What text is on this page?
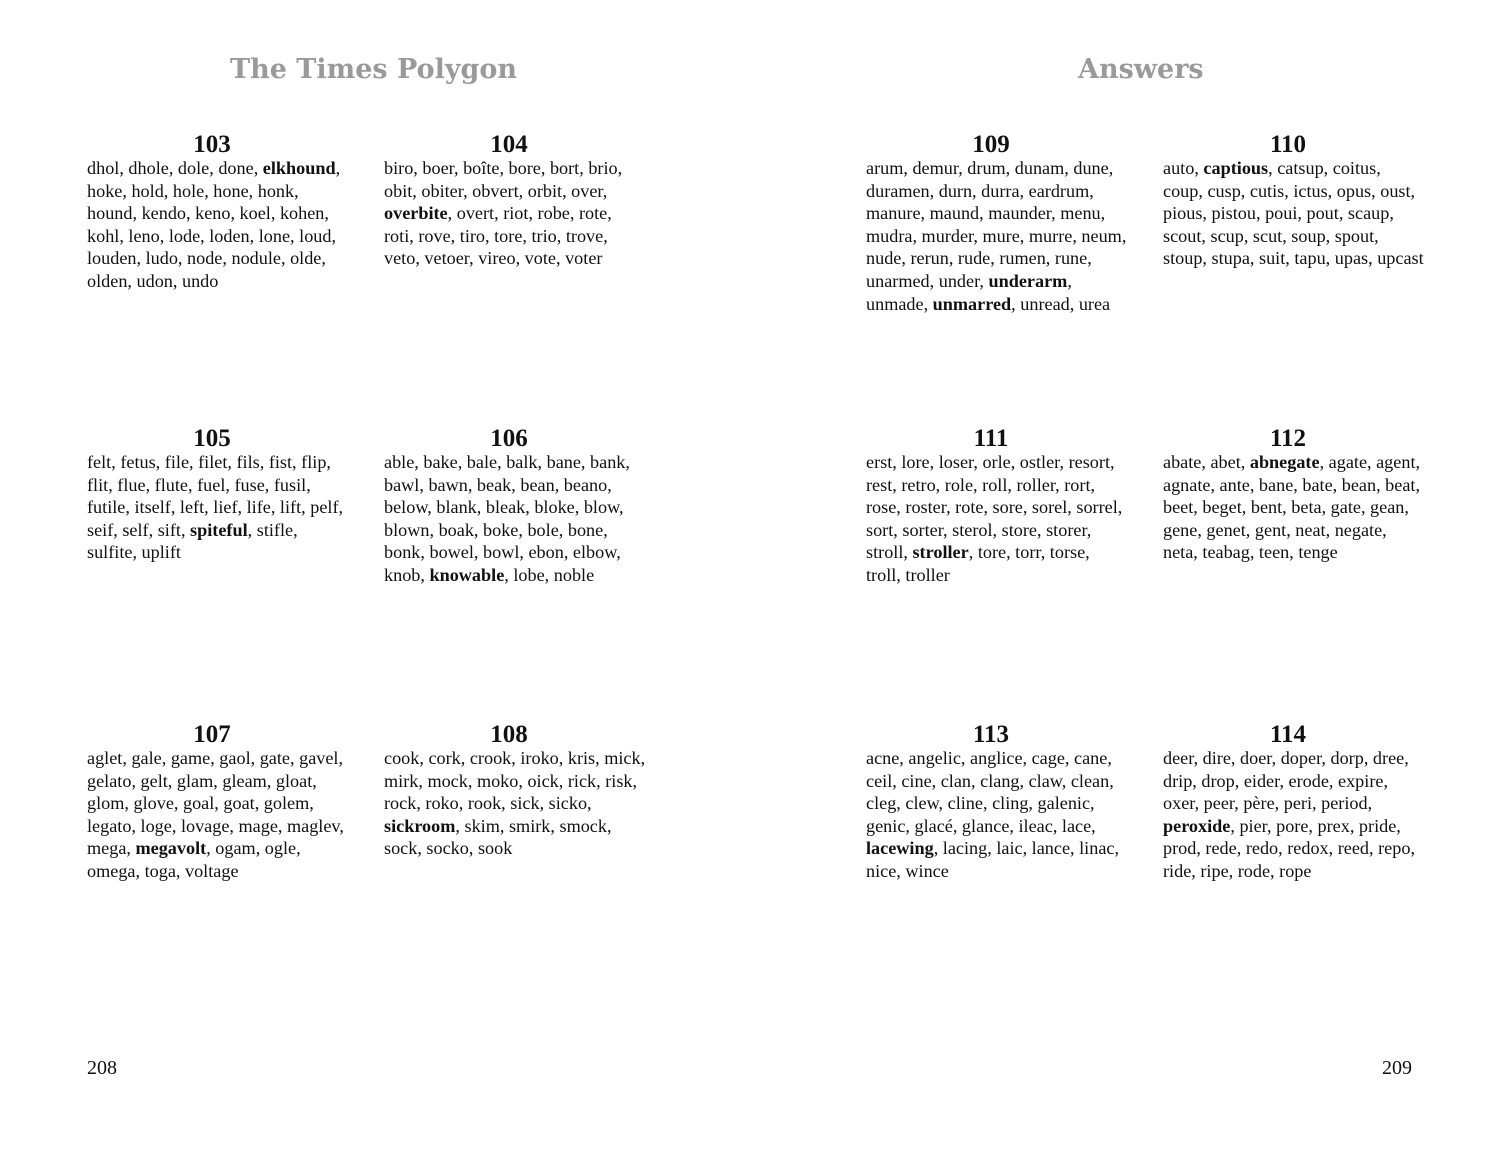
The Times Polygon	Answers
103

dhol, dhole, dole, done, elkhound, hoke, hold, hole, hone, honk, hound, kendo, keno, koel, kohen, kohl, leno, lode, loden, lone, loud, louden, ludo, node, nodule, olde, olden, udon, undo

104

biro, boer, boîte, bore, bort, brio, obit, obiter, obvert, orbit, over, overbite, overt, riot, robe, rote, roti, rove, tiro, tore, trio, trove, veto, vetoer, vireo, vote, voter

105

felt, fetus, file, filet, fils, fist, flip, flit, flue, flute, fuel, fuse, fusil, futile, itself, left, lief, life, lift, pelf, seif, self, sift, spiteful, stifle, sulfite, uplift

106

able, bake, bale, balk, bane, bank, bawl, bawn, beak, bean, beano, below, blank, bleak, bloke, blow, blown, boak, boke, bole, bone, bonk, bowel, bowl, ebon, elbow, knob, knowable, lobe, noble

107

aglet, gale, game, gaol, gate, gavel, gelato, gelt, glam, gleam, gloat, glom, glove, goal, goat, golem, legato, loge, lovage, mage, maglev, mega, megavolt, ogam, ogle, omega, toga, voltage

108

cook, cork, crook, iroko, kris, mick, mirk, mock, moko, oick, rick, risk, rock, roko, rook, sick, sicko, sickroom, skim, smirk, smock, sock, socko, sook

109

arum, demur, drum, dunam, dune, duramen, durn, durra, eardrum, manure, maund, maunder, menu, mudra, murder, mure, murre, neum, nude, rerun, rude, rumen, rune, unarmed, under, underarm, unmade, unmarred, unread, urea

110

auto, captious, catsup, coitus, coup, cusp, cutis, ictus, opus, oust, pious, pistou, poui, pout, scaup, scout, scup, scut, soup, spout, stoup, stupa, suit, tapu, upas, upcast

111

erst, lore, loser, orle, ostler, resort, rest, retro, role, roll, roller, rort, rose, roster, rote, sore, sorel, sorrel, sort, sorter, sterol, store, storer, stroll, stroller, tore, torr, torse, troll, troller

112

abate, abet, abnegate, agate, agent, agnate, ante, bane, bate, bean, beat, beet, beget, bent, beta, gate, gean, gene, genet, gent, neat, negate, neta, teabag, teen, tenge

113

acne, angelic, anglice, cage, cane, ceil, cine, clan, clang, claw, clean, cleg, clew, cline, cling, galenic, genic, glacé, glance, ileac, lace, lacewing, lacing, laic, lance, linac, nice, wince

114

deer, dire, doer, doper, dorp, dree, drip, drop, eider, erode, expire, oxer, peer, père, peri, period, peroxide, pier, pore, prex, pride, prod, rede, redo, redox, reed, repo, ride, ripe, rode, rope

208	209
